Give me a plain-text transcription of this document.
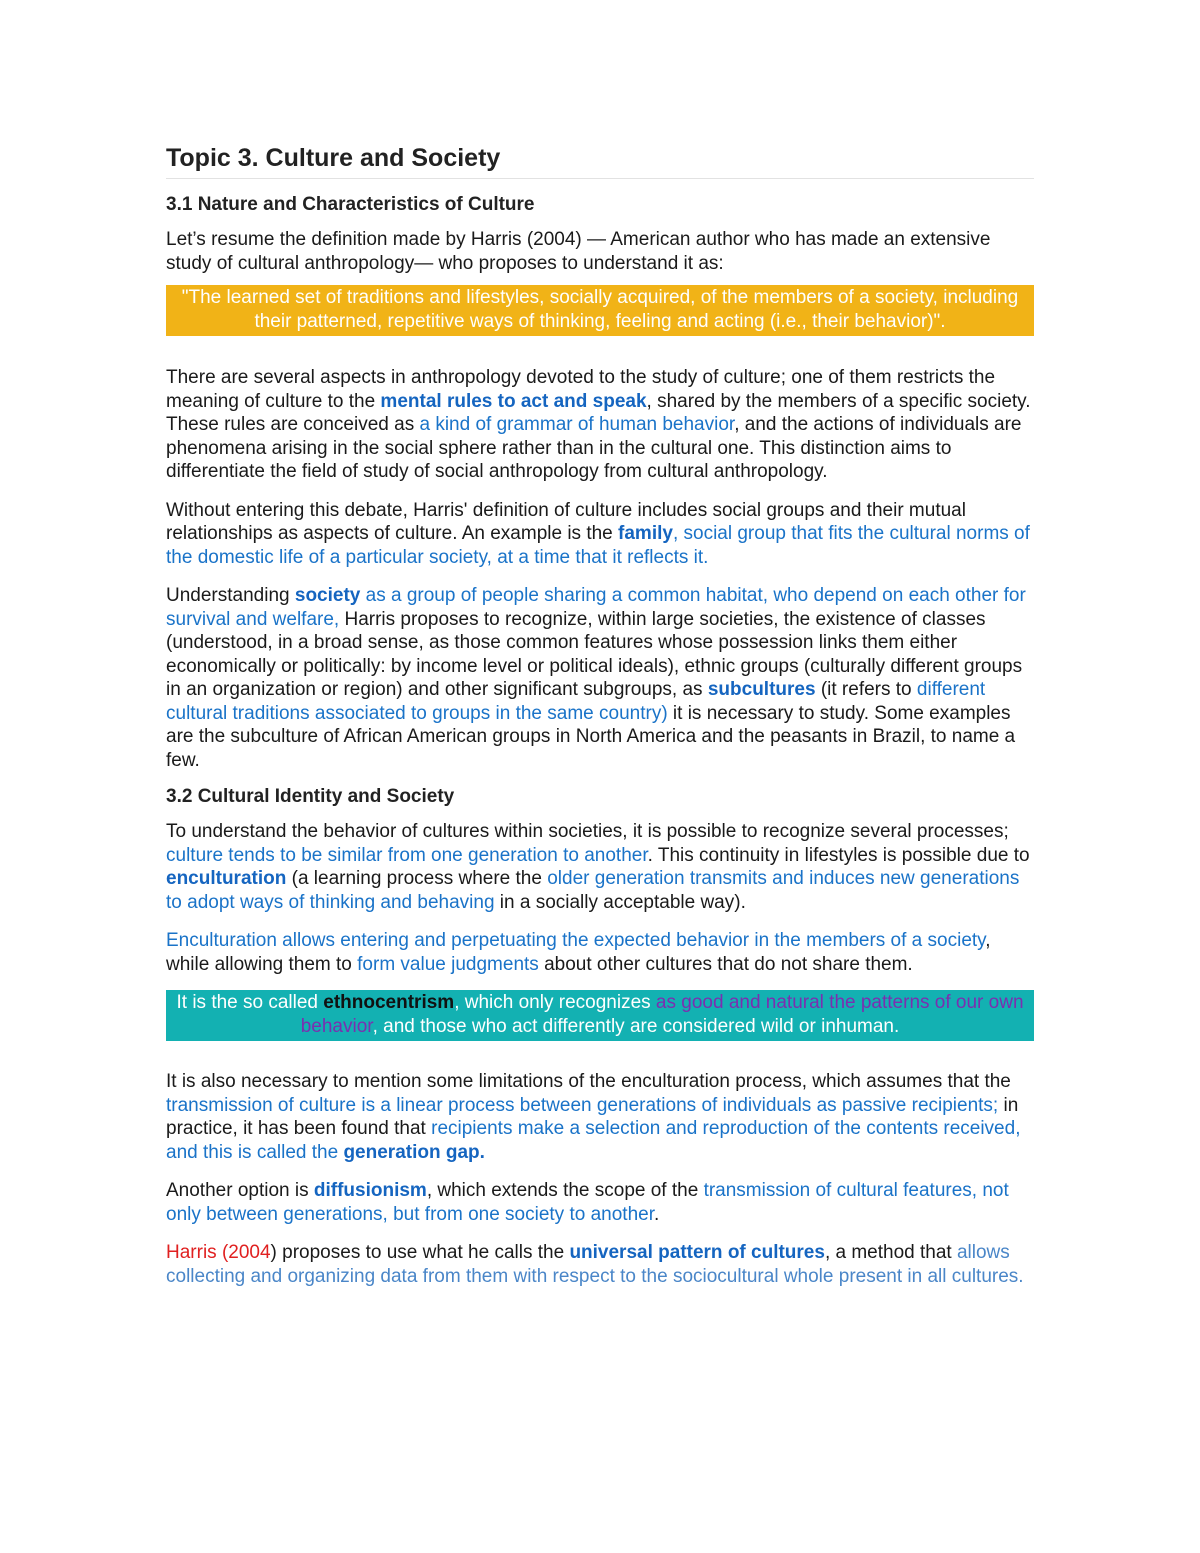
Topic 3. Culture and Society
3.1 Nature and Characteristics of Culture

Let’s resume the definition made by Harris (2004) — American author who has made an extensive study of cultural anthropology— who proposes to understand it as:

"The learned set of traditions and lifestyles, socially acquired, of the members of a society, including their patterned, repetitive ways of thinking, feeling and acting (i.e., their behavior)".

There are several aspects in anthropology devoted to the study of culture; one of them restricts the meaning of culture to the mental rules to act and speak, shared by the members of a specific society. These rules are conceived as a kind of grammar of human behavior, and the actions of individuals are phenomena arising in the social sphere rather than in the cultural one. This distinction aims to differentiate the field of study of social anthropology from cultural anthropology.

Without entering this debate, Harris' definition of culture includes social groups and their mutual relationships as aspects of culture. An example is the family, social group that fits the cultural norms of the domestic life of a particular society, at a time that it reflects it.

Understanding society as a group of people sharing a common habitat, who depend on each other for survival and welfare, Harris proposes to recognize, within large societies, the existence of classes (understood, in a broad sense, as those common features whose possession links them either economically or politically: by income level or political ideals), ethnic groups (culturally different groups in an organization or region) and other significant subgroups, as subcultures (it refers to different cultural traditions associated to groups in the same country) it is necessary to study. Some examples are the subculture of African American groups in North America and the peasants in Brazil, to name a few.

3.2 Cultural Identity and Society

To understand the behavior of cultures within societies, it is possible to recognize several processes; culture tends to be similar from one generation to another. This continuity in lifestyles is possible due to enculturation (a learning process where the older generation transmits and induces new generations to adopt ways of thinking and behaving in a socially acceptable way).

Enculturation allows entering and perpetuating the expected behavior in the members of a society, while allowing them to form value judgments about other cultures that do not share them.

It is the so called ethnocentrism, which only recognizes as good and natural the patterns of our own behavior, and those who act differently are considered wild or inhuman.

It is also necessary to mention some limitations of the enculturation process, which assumes that the transmission of culture is a linear process between generations of individuals as passive recipients; in practice, it has been found that recipients make a selection and reproduction of the contents received, and this is called the generation gap.

Another option is diffusionism, which extends the scope of the transmission of cultural features, not only between generations, but from one society to another.

Harris (2004) proposes to use what he calls the universal pattern of cultures, a method that allows collecting and organizing data from them with respect to the sociocultural whole present in all cultures.
